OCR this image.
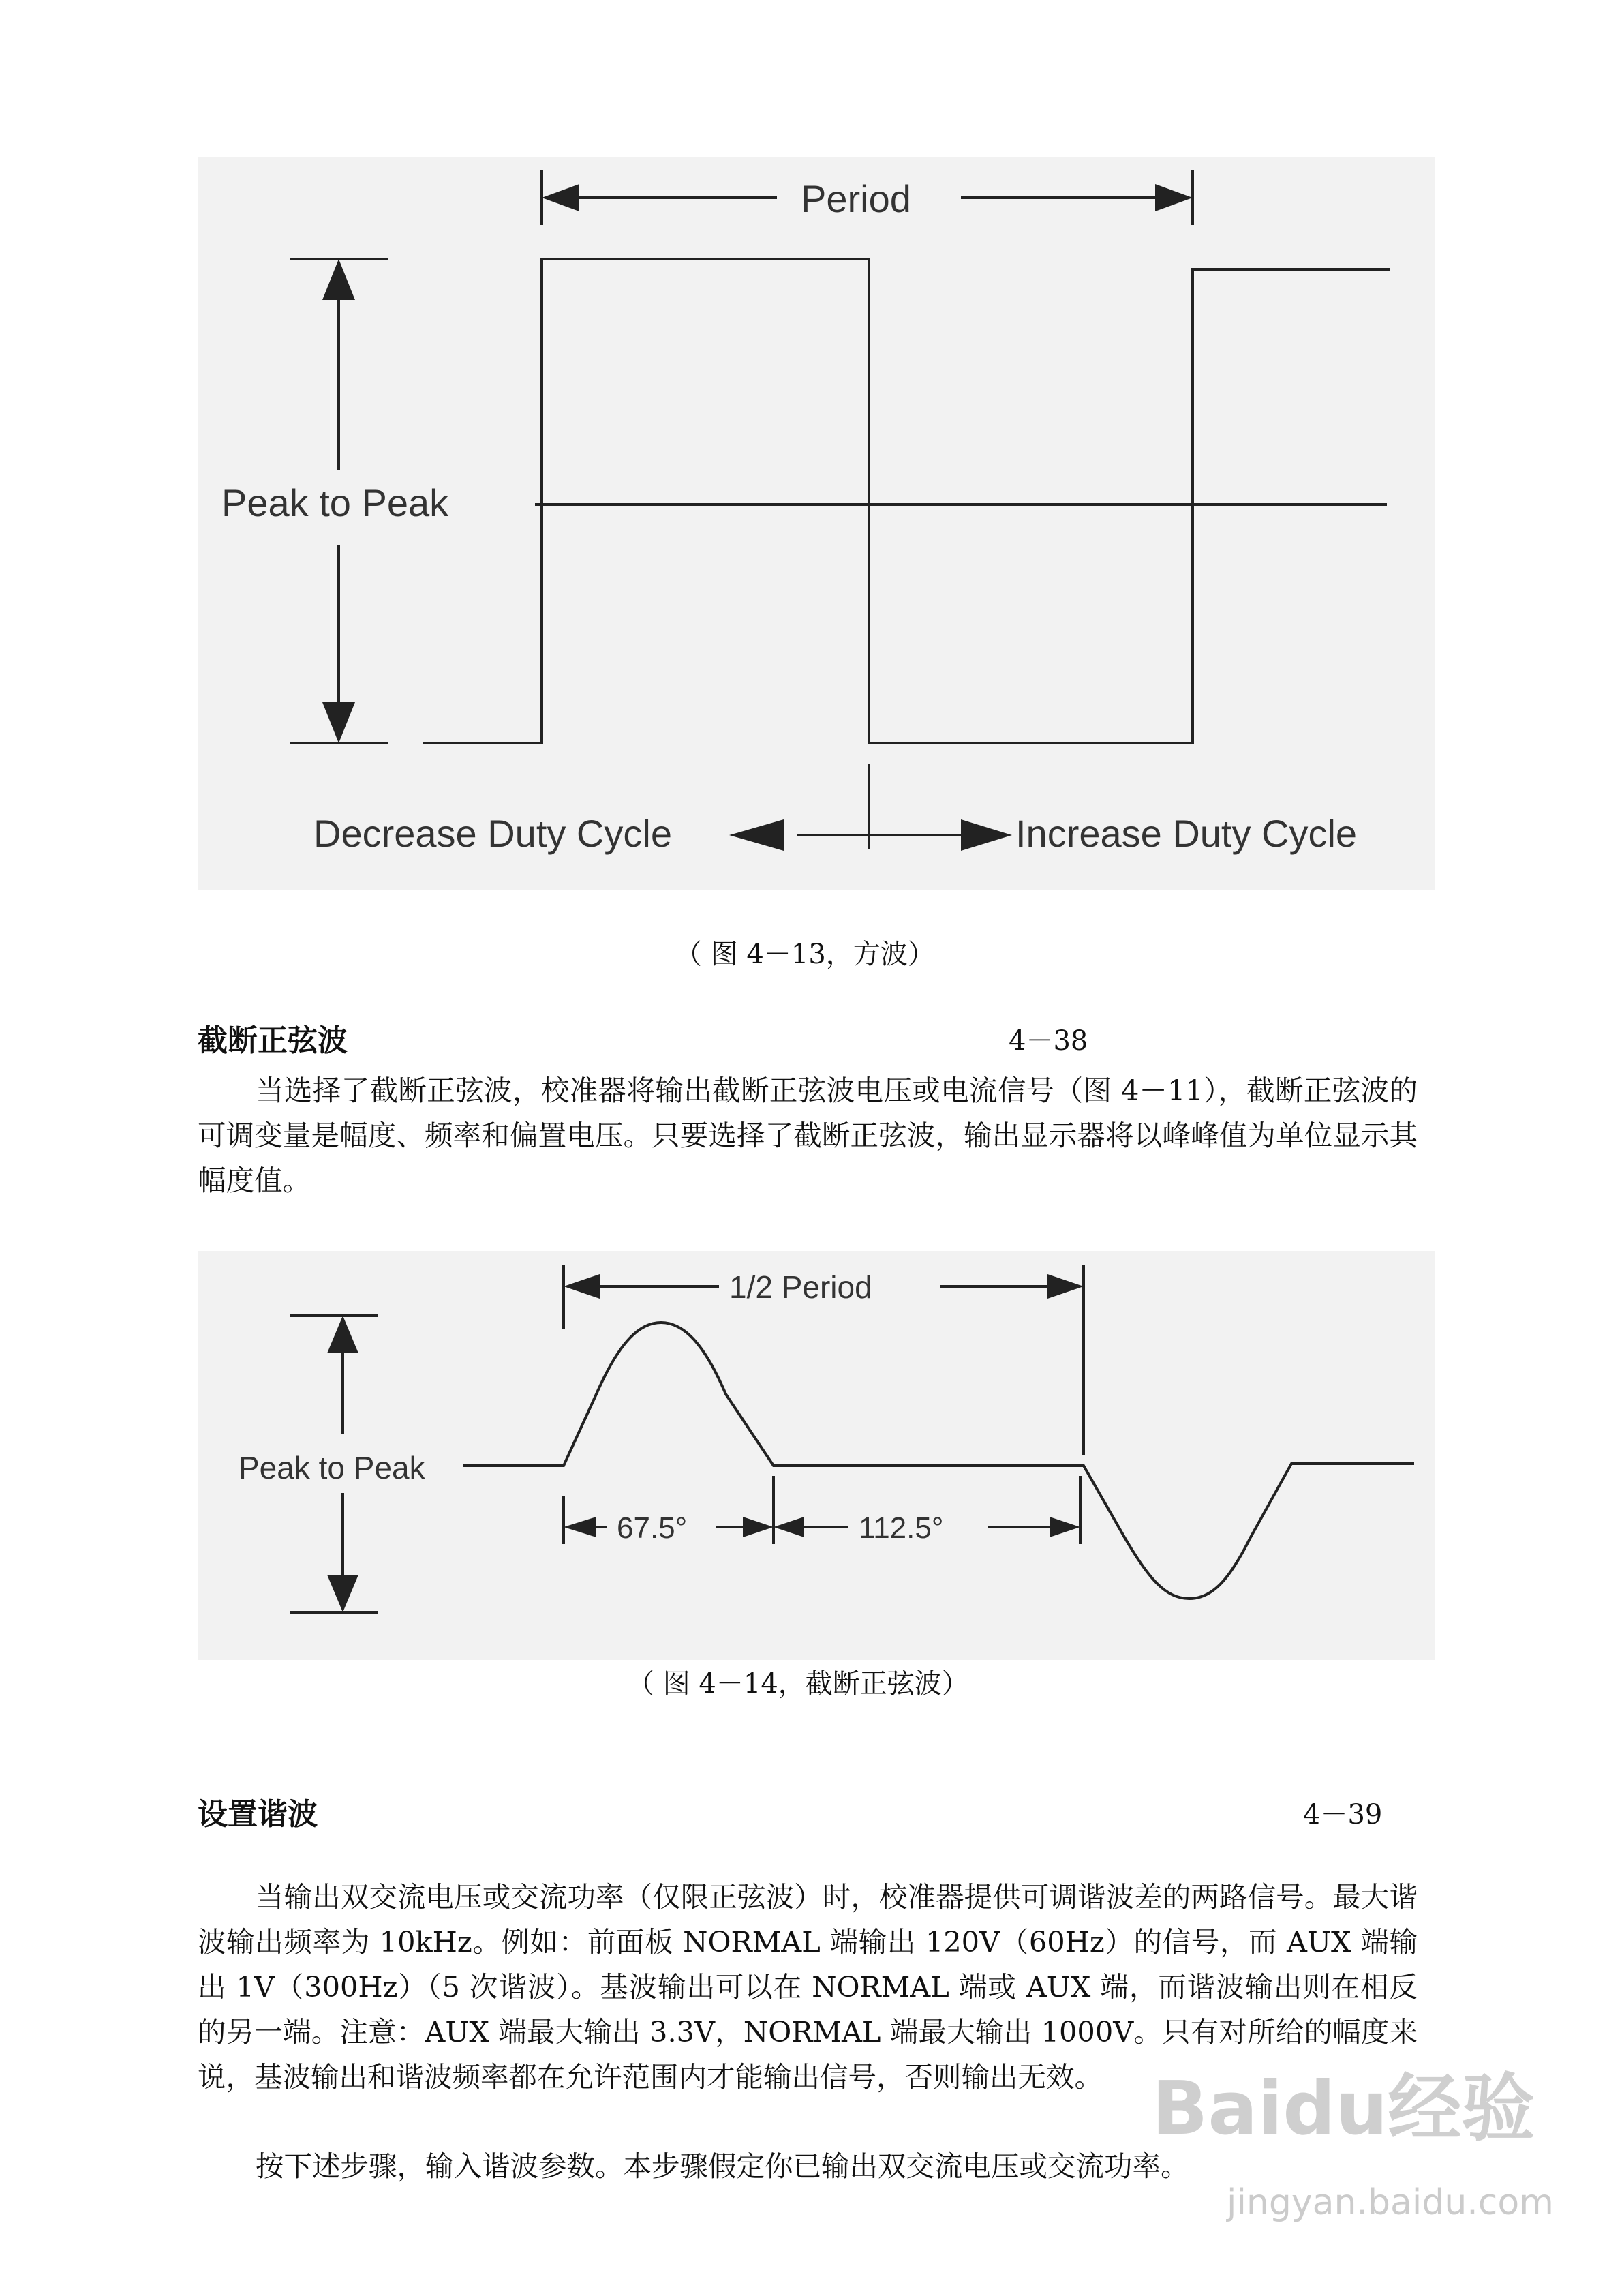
Period
Peak to Peak
Decrease Duty Cycle	Increase Duty Cycle
（ 图 4－13，方波）
截断正弦波	4－38
当选择了截断正弦波，校准器将输出截断正弦波电压或电流信号（图 4－11），截断正弦波的可调变量是幅度、频率和偏置电压。只要选择了截断正弦波，输出显示器将以峰峰值为单位显示其幅度值。
1/2 Period
Peak to Peak
67.5°	112.5°
（ 图 4－14，截断正弦波）
设置谐波	4－39
当输出双交流电压或交流功率（仅限正弦波）时，校准器提供可调谐波差的两路信号。最大谐波输出频率为 10kHz。例如：前面板 NORMAL 端输出 120V（60Hz）的信号，而 AUX 端输出 1V（300Hz）（5 次谐波）。基波输出可以在 NORMAL 端或 AUX 端，而谐波输出则在相反的另一端。注意：AUX 端最大输出 3.3V，NORMAL 端最大输出 1000V。只有对所给的幅度来说，基波输出和谐波频率都在允许范围内才能输出信号，否则输出无效。
按下述步骤，输入谐波参数。本步骤假定你已输出双交流电压或交流功率。
Baidu经验
jingyan.baidu.com
